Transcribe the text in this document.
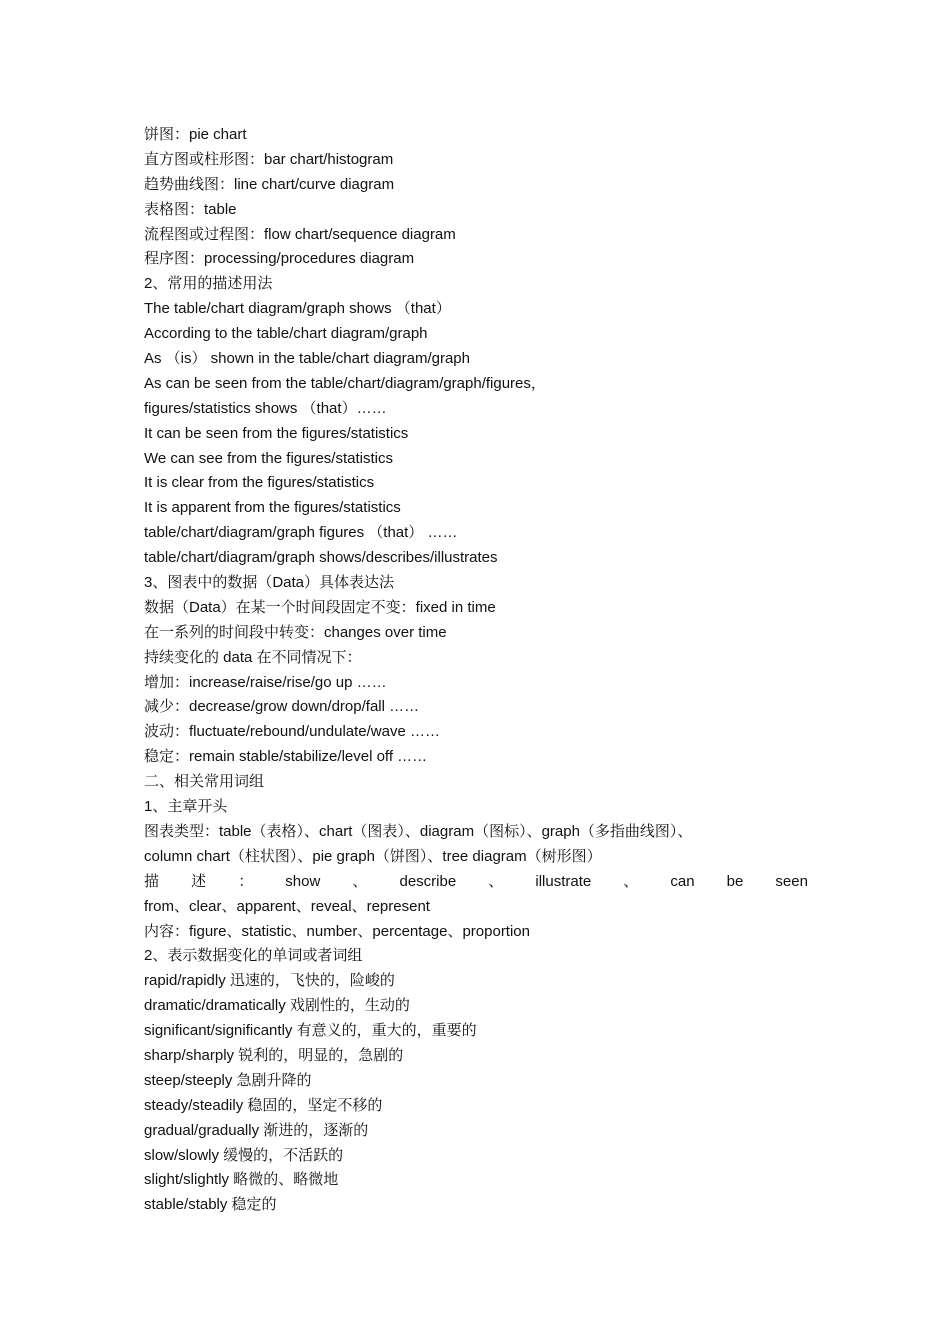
饼图：pie chart
直方图或柱形图：bar chart/histogram
趋势曲线图：line chart/curve diagram
表格图：table
流程图或过程图：flow chart/sequence diagram
程序图：processing/procedures diagram
2、常用的描述用法
The table/chart diagram/graph shows （that）
According to the table/chart diagram/graph
As （is） shown in the table/chart diagram/graph
As can be seen from the table/chart/diagram/graph/figures，
figures/statistics shows （that）……
It can be seen from the figures/statistics
We can see from the figures/statistics
It is clear from the figures/statistics
It is apparent from the figures/statistics
table/chart/diagram/graph figures （that） ……
table/chart/diagram/graph shows/describes/illustrates
3、图表中的数据（Data）具体表达法
数据（Data）在某一个时间段固定不变：fixed in time
在一系列的时间段中转变：changes over time
持续变化的 data 在不同情况下：
增加：increase/raise/rise/go up ……
减少：decrease/grow down/drop/fall ……
波动：fluctuate/rebound/undulate/wave ……
稳定：remain stable/stabilize/level off ……
二、相关常用词组
1、主章开头
图表类型：table（表格）、chart（图表）、diagram（图标）、graph（多指曲线图）、
column chart（柱状图）、pie graph（饼图）、tree diagram（树形图）
描 述 ： show 、 describe 、 illustrate 、 can be seen
from、clear、apparent、reveal、represent
内容：figure、statistic、number、percentage、proportion
2、表示数据变化的单词或者词组
rapid/rapidly 迅速的，飞快的，险峻的
dramatic/dramatically 戏剧性的，生动的
significant/significantly 有意义的，重大的，重要的
sharp/sharply 锐利的，明显的，急剧的
steep/steeply 急剧升降的
steady/steadily 稳固的，坚定不移的
gradual/gradually 渐进的，逐渐的
slow/slowly 缓慢的，不活跃的
slight/slightly 略微的、略微地
stable/stably 稳定的
